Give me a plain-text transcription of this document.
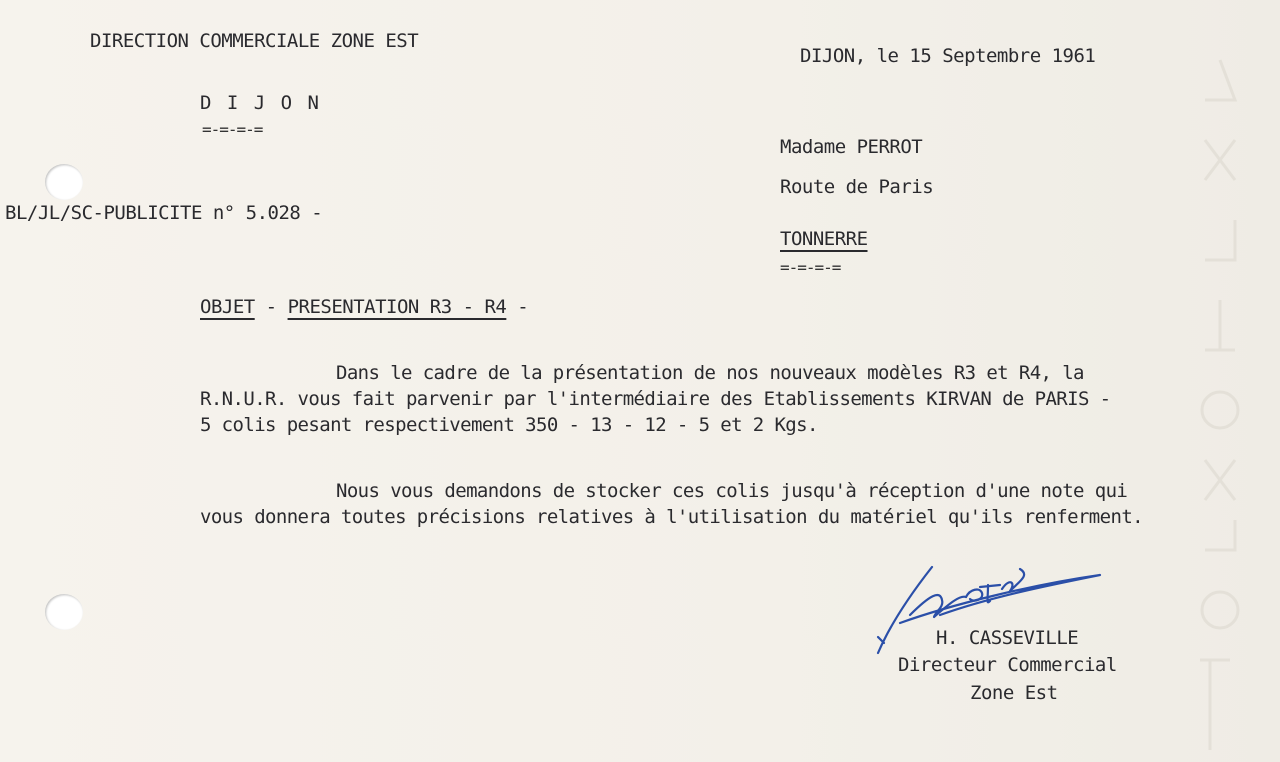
DIRECTION COMMERCIALE ZONE EST
D I J O N
=-=-=-=
DIJON, le 15 Septembre 1961
BL/JL/SC-PUBLICITE n° 5.028 -
Madame PERROT
Route de Paris
TONNERRE
=-=-=-=
OBJET - PRESENTATION R3 - R4 -
Dans le cadre de la présentation de nos nouveaux modèles R3 et R4, la
R.N.U.R. vous fait parvenir par l'intermédiaire des Etablissements KIRVAN de PARIS -
5 colis pesant respectivement 350 - 13 - 12 - 5 et 2 Kgs.
Nous vous demandons de stocker ces colis jusqu'à réception d'une note qui
vous donnera toutes précisions relatives à l'utilisation du matériel qu'ils renferment.
H. CASSEVILLE
Directeur Commercial
Zone Est
